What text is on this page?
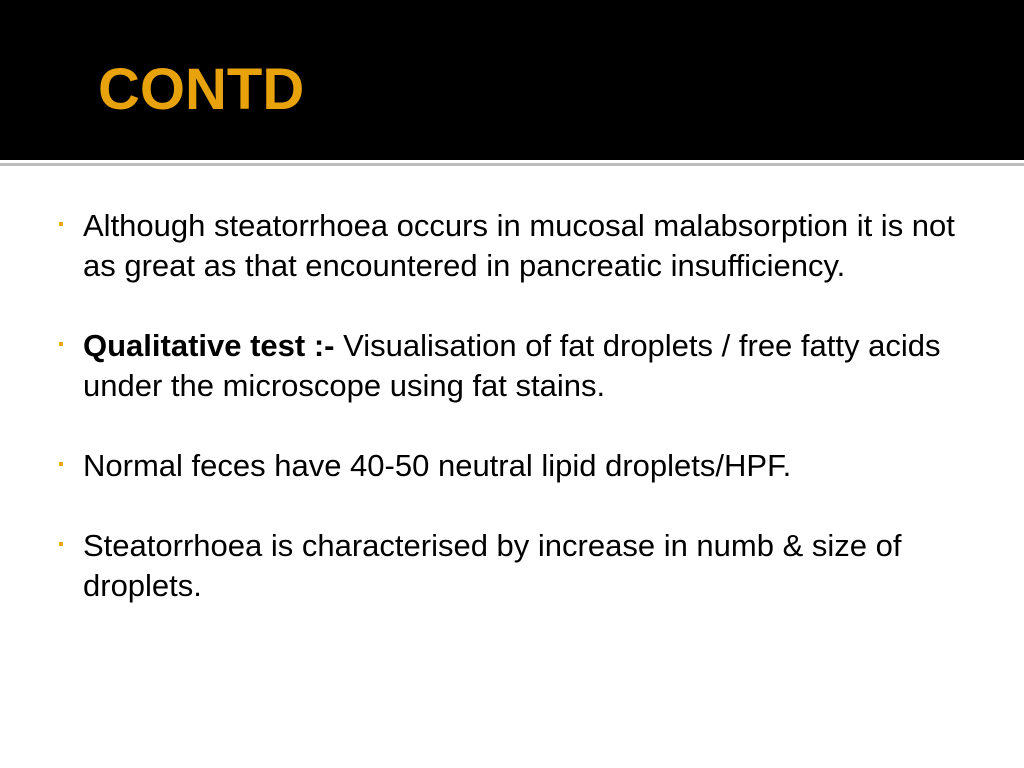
CONTD
Although steatorrhoea occurs in mucosal malabsorption it is not as great as that encountered in pancreatic insufficiency.
Qualitative test :- Visualisation of fat droplets / free fatty acids under the microscope using fat stains.
Normal feces have 40-50 neutral lipid droplets/HPF.
Steatorrhoea is characterised by increase in numb & size of droplets.
